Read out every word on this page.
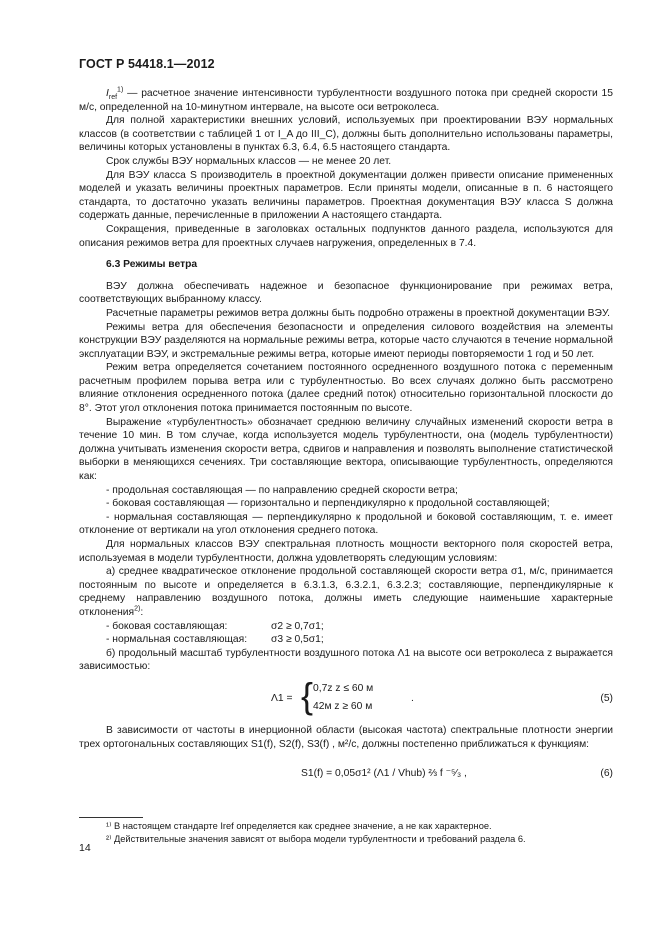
ГОСТ Р 54418.1—2012

$I_{ref}^{1)}$ — расчетное значение интенсивности турбулентности воздушного потока при средней скорости 15 м/с, определенной на 10-минутном интервале, на высоте оси ветроколеса.

Для полной характеристики внешних условий, используемых при проектировании ВЭУ нормальных классов (в соответствии с таблицей 1 от I_A до III_C), должны быть дополнительно использованы параметры, величины которых установлены в пунктах 6.3, 6.4, 6.5 настоящего стандарта.

Срок службы ВЭУ нормальных классов — не менее 20 лет.

Для ВЭУ класса S производитель в проектной документации должен привести описание примененных моделей и указать величины проектных параметров. Если приняты модели, описанные в п. 6 настоящего стандарта, то достаточно указать величины параметров. Проектная документация ВЭУ класса S должна содержать данные, перечисленные в приложении А настоящего стандарта.

Сокращения, приведенные в заголовках остальных подпунктов данного раздела, используются для описания режимов ветра для проектных случаев нагружения, определенных в 7.4.

6.3 Режимы ветра

ВЭУ должна обеспечивать надежное и безопасное функционирование при режимах ветра, соответствующих выбранному классу.

Расчетные параметры режимов ветра должны быть подробно отражены в проектной документации ВЭУ.

Режимы ветра для обеспечения безопасности и определения силового воздействия на элементы конструкции ВЭУ разделяются на нормальные режимы ветра, которые часто случаются в течение нормальной эксплуатации ВЭУ, и экстремальные режимы ветра, которые имеют периоды повторяемости 1 год и 50 лет.

Режим ветра определяется сочетанием постоянного осредненного воздушного потока с переменным расчетным профилем порыва ветра или с турбулентностью. Во всех случаях должно быть рассмотрено влияние отклонения осредненного потока (далее средний поток) относительно горизонтальной плоскости до 8°. Этот угол отклонения потока принимается постоянным по высоте.

Выражение «турбулентность» обозначает среднюю величину случайных изменений скорости ветра в течение 10 мин. В том случае, когда используется модель турбулентности, она (модель турбулентности) должна учитывать изменения скорости ветра, сдвигов и направления и позволять выполнение статистической выборки в меняющихся сечениях. Три составляющие вектора, описывающие турбулентность, определяются как:

- продольная составляющая — по направлению средней скорости ветра;

- боковая составляющая — горизонтально и перпендикулярно к продольной составляющей;

- нормальная составляющая — перпендикулярно к продольной и боковой составляющим, т. е. имеет отклонение от вертикали на угол отклонения среднего потока.

Для нормальных классов ВЭУ спектральная плотность мощности векторного поля скоростей ветра, используемая в модели турбулентности, должна удовлетворять следующим условиям:

а) среднее квадратическое отклонение продольной составляющей скорости ветра σ1, м/с, принимается постоянным по высоте и определяется в 6.3.1.3, 6.3.2.1, 6.3.2.3; составляющие, перпендикулярные к среднему направлению воздушного потока, должны иметь следующие наименьшие характерные отклонения$^{2)}$:

- боковая составляющая:	σ2 ≥ 0,7σ1;
- нормальная составляющая:	σ3 ≥ 0,5σ1;

б) продольный масштаб турбулентности воздушного потока Λ1 на высоте оси ветроколеса z выражается зависимостью:

Λ1 = { 0,7z z ≤ 60 м
42м z ≥ 60 м
.	(5)

В зависимости от частоты в инерционной области (высокая частота) спектральные плотности энергии трех ортогональных составляющих S1(f), S2(f), S3(f) , м²/с, должны постепенно приближаться к функциям:

S1(f) = 0,05σ1² (Λ1 / Vhub) ⅔ f ⁻⁵⁄₃ ,	(6)

¹⁾ В настоящем стандарте Iref определяется как среднее значение, а не как характерное.

²⁾ Действительные значения зависят от выбора модели турбулентности и требований раздела 6.

14
